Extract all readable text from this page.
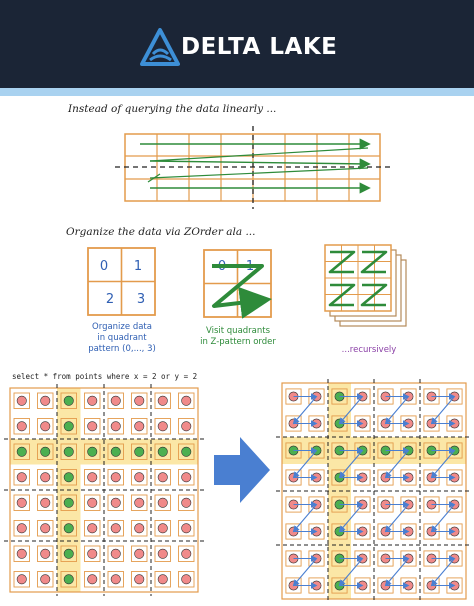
DELTA LAKE
Instead of querying the data linearly ...
Organize the data via ZOrder ala ...
0 1
2 3
0 1
Organize data
in quadrant
pattern (0,..., 3)
Visit quadrants
in Z-pattern order
...recursively
select * from points where x = 2 or y = 2
